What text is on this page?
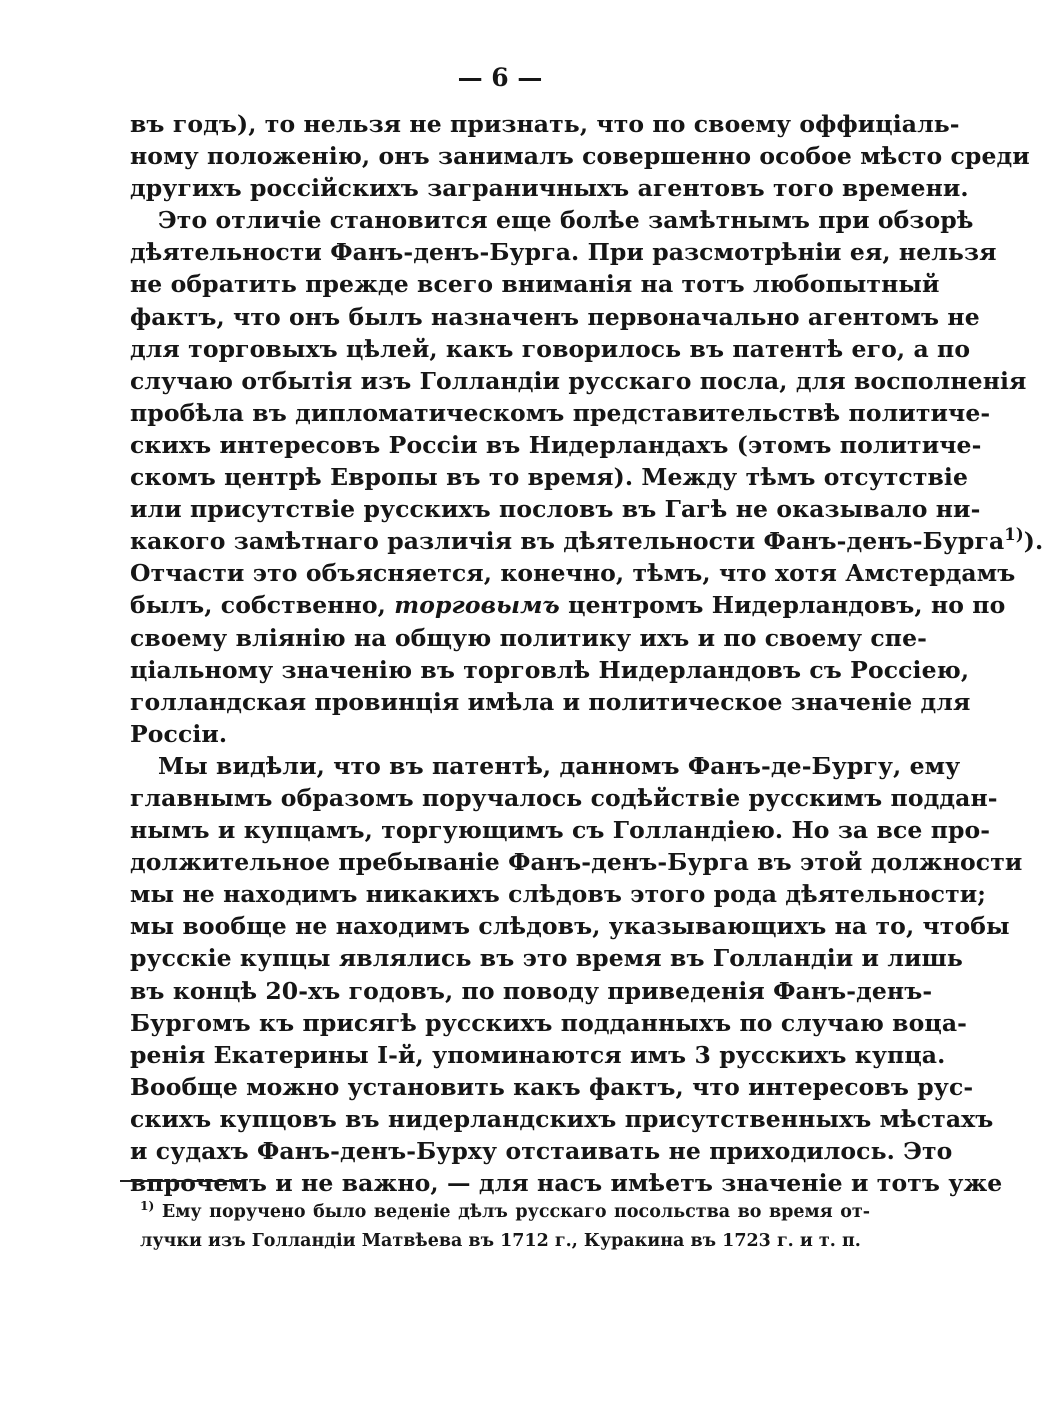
— 6 —
въ годъ), то нельзя не признать, что по своему оффиціаль-
ному положенію, онъ занималъ совершенно особое мѣсто среди
другихъ россійскихъ заграничныхъ агентовъ того времени.
Это отличіе становится еще болѣе замѣтнымъ при обзорѣ
дѣятельности Фанъ-денъ-Бурга. При разсмотрѣніи ея, нельзя
не обратить прежде всего вниманія на тотъ любопытный
фактъ, что онъ былъ назначенъ первоначально агентомъ не
для торговыхъ цѣлей, какъ говорилось въ патентѣ его, а по
случаю отбытія изъ Голландіи русскаго посла, для восполненія
пробѣла въ дипломатическомъ представительствѣ политиче-
скихъ интересовъ Россіи въ Нидерландахъ (этомъ политиче-
скомъ центрѣ Европы въ то время). Между тѣмъ отсутствіе
или присутствіе русскихъ пословъ въ Гагѣ не оказывало ни-
какого замѣтнаго различія въ дѣятельности Фанъ-денъ-Бурга$^{1)}$).
Отчасти это объясняется, конечно, тѣмъ, что хотя Амстердамъ
былъ, собственно, торговымъ центромъ Нидерландовъ, но по
своему вліянію на общую политику ихъ и по своему спе-
ціальному значенію въ торговлѣ Нидерландовъ съ Россіею,
голландская провинція имѣла и политическое значеніе для
Россіи.
Мы видѣли, что въ патентѣ, данномъ Фанъ-де-Бургу, ему
главнымъ образомъ поручалось содѣйствіе русскимъ поддан-
нымъ и купцамъ, торгующимъ съ Голландіею. Но за все про-
должительное пребываніе Фанъ-денъ-Бурга въ этой должности
мы не находимъ никакихъ слѣдовъ этого рода дѣятельности;
мы вообще не находимъ слѣдовъ, указывающихъ на то, чтобы
русскіе купцы являлись въ это время въ Голландіи и лишь
въ концѣ 20-хъ годовъ, по поводу приведенія Фанъ-денъ-
Бургомъ къ присягѣ русскихъ подданныхъ по случаю воца-
ренія Екатерины І-й, упоминаются имъ 3 русскихъ купца.
Вообще можно установить какъ фактъ, что интересовъ рус-
скихъ купцовъ въ нидерландскихъ присутственныхъ мѣстахъ
и судахъ Фанъ-денъ-Бурху отстаивать не приходилось. Это
впрочемъ и не важно, — для насъ имѣетъ значеніе и тотъ уже
$^{1)}$ Ему поручено было веденіе дѣлъ русскаго посольства во время от-
лучки изъ Голландіи Матвѣева въ 1712 г., Куракина въ 1723 г. и т. п.
